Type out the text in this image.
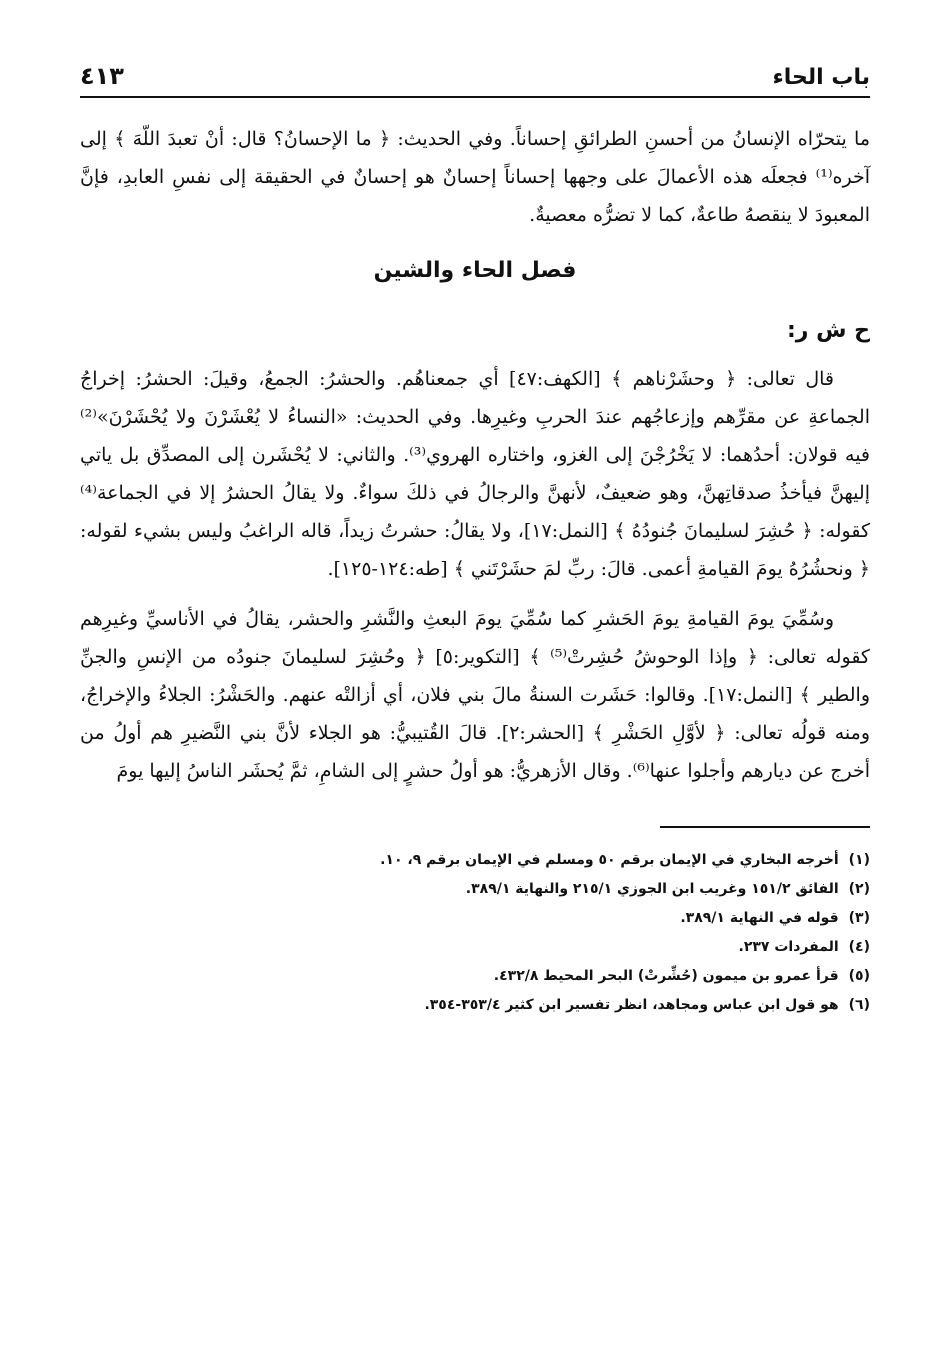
باب الحاء
٤١٣

ما يتحرّاه الإنسانُ من أحسنِ الطرائقِ إحساناً. وفي الحديث: ﴿ ما الإحسانُ؟ قال: أنْ تعبدَ اللّهَ ﴾ إلى آخره⁽¹⁾ فجعلَه هذه الأعمالَ على وجهها إحساناً إحسانٌ هو إحسانٌ في الحقيقة إلى نفسِ العابدِ، فإنَّ المعبودَ لا ينقصهُ طاعةٌ، كما لا تضرُّه معصيةٌ.

فصل الحاء والشين
ح ش ر:

قال تعالى: ﴿ وحشَرْناهم ﴾ [الكهف:٤٧] أي جمعناهُم. والحشرُ: الجمعُ، وقيلَ: الحشرُ: إخراجُ الجماعةِ عن مقرِّهم وإزعاجُهم عندَ الحربِ وغيرِها. وفي الحديث: «النساءُ لا يُعْشَرْنَ ولا يُحْشَرْنَ»⁽²⁾ فيه قولان: أحدُهما: لا يَخْرُجْنَ إلى الغزو، واختاره الهروي⁽³⁾. والثاني: لا يُحْشَرن إلى المصدِّق بل ياتي إليهنَّ فيأخذُ صدقاتِهنَّ، وهو ضعيفٌ، لأنهنَّ والرجالُ في ذلكَ سواءٌ. ولا يقالُ الحشرُ إلا في الجماعة⁽⁴⁾ كقوله: ﴿ حُشِرَ لسليمانَ جُنودُهُ ﴾ [النمل:١٧]، ولا يقالُ: حشرتُ زيداً، قاله الراغبُ وليس بشيء لقوله: ﴿ ونحشُرُهُ يومَ القيامةِ أعمى. قالَ: ربِّ لمَ حشَرْتَني ﴾ [طه:١٢٤-١٢٥].

وسُمِّيَ يومَ القيامةِ يومَ الحَشرِ كما سُمِّيَ يومَ البعثِ والنَّشرِ والحشر، يقالُ في الأناسيِّ وغيرِهم كقوله تعالى: ﴿ وإذا الوحوشُ حُشِرتْ⁽⁵⁾ ﴾ [التكوير:٥] ﴿ وحُشِرَ لسليمانَ جنودُه من الإنسِ والجنِّ والطير ﴾ [النمل:١٧]. وقالوا: حَشَرت السنةُ مالَ بني فلان، أي أزالتْه عنهم. والحَشْرُ: الجلاءُ والإخراجُ، ومنه قولُه تعالى: ﴿ لأوَّلِ الحَشْرِ ﴾ [الحشر:٢]. قالَ القُتيبيُّ: هو الجلاء لأنَّ بني النَّضيرِ هم أولُ من أخرج عن ديارهم وأجلوا عنها⁽⁶⁾. وقال الأزهريُّ: هو أولُ حشرٍ إلى الشامِ، ثمَّ يُحشَر الناسُ إليها يومَ

(١)
أخرجه البخاري في الإيمان برقم ٥٠ ومسلم في الإيمان برقم ٩، ١٠.
(٢)
الفائق ١٥١/٢ وغريب ابن الجوزي ٢١٥/١ والنهاية ٣٨٩/١.
(٣)
قوله في النهاية ٣٨٩/١.
(٤)
المفردات ٢٣٧.
(٥)
قرأ عمرو بن ميمون (حُشِّرتْ) البحر المحيط ٤٣٢/٨.
(٦)
هو قول ابن عباس ومجاهد، انظر تفسير ابن كثير ٣٥٣/٤-٣٥٤.
